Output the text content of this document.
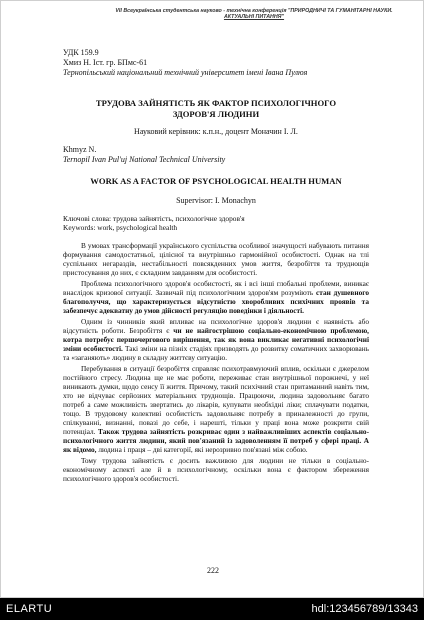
VII Всеукраїнська студентська науково - технічна конференція "ПРИРОДНИЧІ ТА ГУМАНІТАРНІ НАУКИ.
АКТУАЛЬНІ ПИТАННЯ"
УДК 159.9
Хмиз Н. Іст. гр. БПмс-61
Тернопільський національний технічний університет імені Івана Пулюя
ТРУДОВА ЗАЙНЯТІСТЬ ЯК ФАКТОР ПСИХОЛОГІЧНОГО
ЗДОРОВ'Я ЛЮДИНИ
Науковий керівник: к.п.н., доцент Моначин І. Л.
Khmyz N.
Ternopil Ivan Pul'uj National Technical University
WORK AS A FACTOR OF PSYCHOLOGICAL HEALTH HUMAN
Supervisor: I. Monachyn
Ключові слова: трудова зайнятість, психологічне здоров'я
Keywords: work, psychological health

В умовах трансформації українського суспільства особливої значущості набувають питання формування самодостатньої, цілісної та внутрішньо гармонійної особистості. Однак на тлі суспільних негараздів, нестабільності повсякденних умов життя, безробіття та труднощів пристосування до них, є складним завданням для особистості.

Проблема психологічного здоров'я особистості, як і всі інші глобальні проблеми, виникає внаслідок кризової ситуації. Зазвичай під психологічним здоров'ям розуміють стан душевного благополуччя, що характеризується відсутністю хворобливих психічних проявів та забезпечує адекватну до умов дійсності регуляцію поведінки і діяльності.

Одним із чинників який впливає на психологічне здоров'я людини є наявність або відсутність роботи. Безробіття є чи не найгострішою соціально-економічною проблемою, котра потребує першочергового вирішення, так як вона викликає негативні психологічні зміни особистості. Такі зміни на пізніх стадіях призводять до розвитку соматичних захворювань та «заганяють» людину в складну життєву ситуацію.

Перебування в ситуації безробіття справляє психотравмуючий вплив, оскільки є джерелом постійного стресу. Людина ще не має роботи, переживає стан внутрішньої порожнечі, у неї виникають думки, щодо сенсу її життя. Причому, такий психічний стан притаманний навіть тим, хто не відчуває серйозних матеріальних труднощів. Працюючи, людина задовольняє багато потреб а саме можливість звертатись до лікарів, купувати необхідні ліки; сплачувати податки, тощо. В трудовому колективі особистість задовольняє потребу в приналежності до групи, спілкуванні, визнанні, повазі до себе, і нарешті, тільки у праці вона може розкрити свій потенціал. Також трудова зайнятість розкриває один з найважливіших аспектів соціально-психологічного життя людини, який пов'язаний із задоволенням її потреб у сфері праці. А як відомо, людина і праця – дві категорії, які нерозривно пов'язані між собою.

Тому трудова зайнятість є досить важливою для людини не тільки в соціально-економічному аспекті але й в психологічному, оскільки вона є фактором збереження психологічного здоров'я особистості.

222
ELARTU	hdl:123456789/13343
